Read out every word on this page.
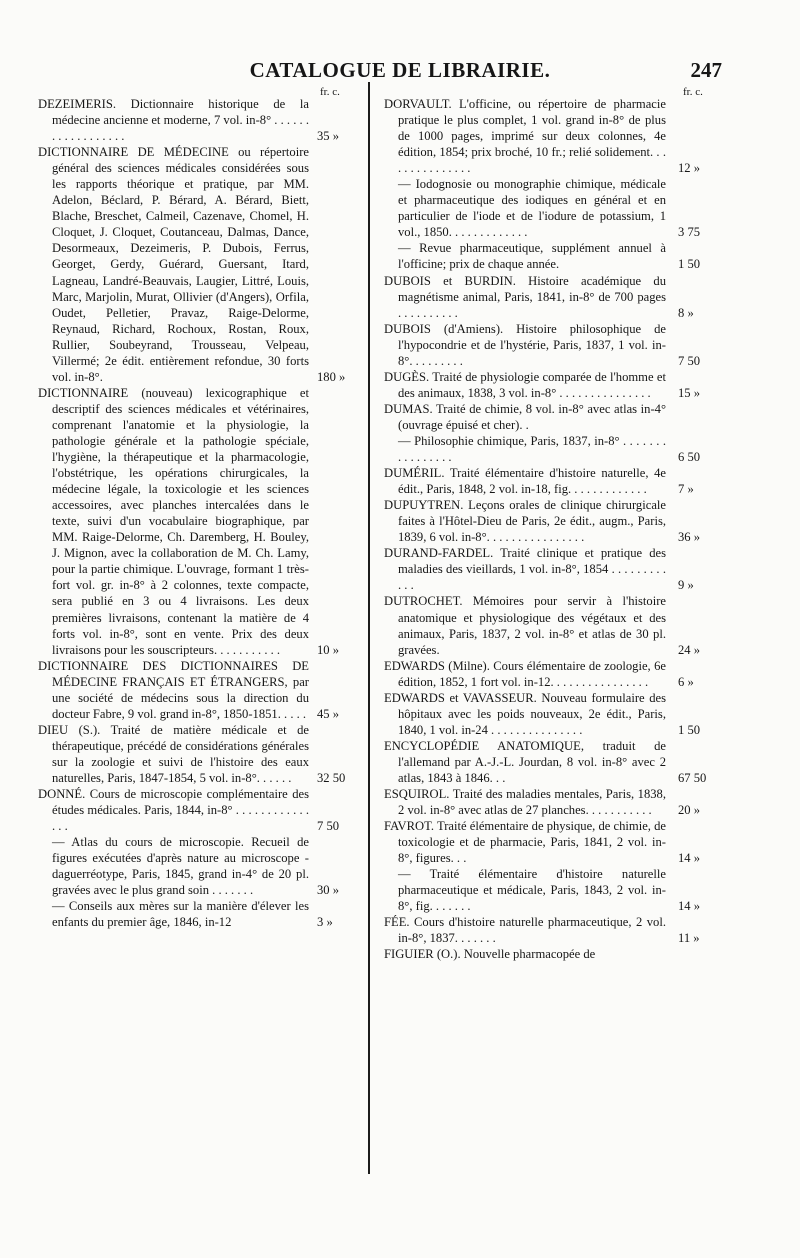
CATALOGUE DE LIBRAIRIE.	247
fr. c.	fr. c.
DEZEIMERIS. Dictionnaire historique de la médecine ancienne et moderne, 7 vol. in-8° . . . . . . . . . . . . . . . . . .	35 »
DICTIONNAIRE DE MÉDECINE ou répertoire général des sciences médicales considérées sous les rapports théorique et pratique, par MM. Adelon, Béclard, P. Bérard, A. Bérard, Biett, Blache, Breschet, Calmeil, Cazenave, Chomel, H. Cloquet, J. Cloquet, Coutanceau, Dalmas, Dance, Desormeaux, Dezeimeris, P. Dubois, Ferrus, Georget, Gerdy, Guérard, Guersant, Itard, Lagneau, Landré-Beauvais, Laugier, Littré, Louis, Marc, Marjolin, Murat, Ollivier (d'Angers), Orfila, Oudet, Pelletier, Pravaz, Raige-Delorme, Reynaud, Richard, Rochoux, Rostan, Roux, Rullier, Soubeyrand, Trousseau, Velpeau, Villermé; 2e édit. entièrement refondue, 30 forts vol. in-8°.	180 »
DICTIONNAIRE (nouveau) lexicographique et descriptif des sciences médicales et vétérinaires, comprenant l'anatomie et la physiologie, la pathologie générale et la pathologie spéciale, l'hygiène, la thérapeutique et la pharmacologie, l'obstétrique, les opérations chirurgicales, la médecine légale, la toxicologie et les sciences accessoires, avec planches intercalées dans le texte, suivi d'un vocabulaire biographique, par MM. Raige-Delorme, Ch. Daremberg, H. Bouley, J. Mignon, avec la collaboration de M. Ch. Lamy, pour la partie chimique. L'ouvrage, formant 1 très-fort vol. gr. in-8° à 2 colonnes, texte compacte, sera publié en 3 ou 4 livraisons. Les deux premières livraisons, contenant la matière de 4 forts vol. in-8°, sont en vente. Prix des deux livraisons pour les souscripteurs. . . . . . . . . . .	10 »
DICTIONNAIRE DES DICTIONNAIRES DE MÉDECINE FRANÇAIS ET ÉTRANGERS, par une société de médecins sous la direction du docteur Fabre, 9 vol. grand in-8°, 1850-1851. . . . . 45 »
DIEU (S.). Traité de matière médicale et de thérapeutique, précédé de considérations générales sur la zoologie et suivi de l'histoire des eaux naturelles, Paris, 1847-1854, 5 vol. in-8°. . . . . .	32 50
DONNÉ. Cours de microscopie complémentaire des études médicales. Paris, 1844, in-8° . . . . . . . . . . . . . . .	7 50
— Atlas du cours de microscopie. Recueil de figures exécutées d'après nature au microscope - daguerréotype, Paris, 1845, grand in-4° de 20 pl. gravées avec le plus grand soin . . . . . . .	30 »
— Conseils aux mères sur la manière d'élever les enfants du premier âge, 1846, in-12	3 »
DORVAULT. L'officine, ou répertoire de pharmacie pratique le plus complet, 1 vol. grand in-8° de plus de 1000 pages, imprimé sur deux colonnes, 4e édition, 1854; prix broché, 10 fr.; relié solidement. . . . . . . . . . . . . . .	12 »
— Iodognosie ou monographie chimique, médicale et pharmaceutique des iodiques en général et en particulier de l'iode et de l'iodure de potassium, 1 vol., 1850. . . . . . . . . . . . .	3 75
— Revue pharmaceutique, supplément annuel à l'officine; prix de chaque année.	1 50
DUBOIS et BURDIN. Histoire académique du magnétisme animal, Paris, 1841, in-8° de 700 pages . . . . . . . . . .	8 »
DUBOIS (d'Amiens). Histoire philosophique de l'hypocondrie et de l'hystérie, Paris, 1837, 1 vol. in-8°. . . . . . . . .	7 50
DUGÈS. Traité de physiologie comparée de l'homme et des animaux, 1838, 3 vol. in-8° . . . . . . . . . . . . . . .	15 »
DUMAS. Traité de chimie, 8 vol. in-8° avec atlas in-4° (ouvrage épuisé et cher). .
— Philosophie chimique, Paris, 1837, in-8° . . . . . . . . . . . . . . . .	6 50
DUMÉRIL. Traité élémentaire d'histoire naturelle, 4e édit., Paris, 1848, 2 vol. in-18, fig. . . . . . . . . . . . .	7 »
DUPUYTREN. Leçons orales de clinique chirurgicale faites à l'Hôtel-Dieu de Paris, 2e édit., augm., Paris, 1839, 6 vol. in-8°. . . . . . . . . . . . . . . .	36 »
DURAND-FARDEL. Traité clinique et pratique des maladies des vieillards, 1 vol. in-8°, 1854 . . . . . . . . . . . .	9 »
DUTROCHET. Mémoires pour servir à l'histoire anatomique et physiologique des végétaux et des animaux, Paris, 1837, 2 vol. in-8° et atlas de 30 pl. gravées.	24 »
EDWARDS (Milne). Cours élémentaire de zoologie, 6e édition, 1852, 1 fort vol. in-12. . . . . . . . . . . . . . . .	6 »
EDWARDS et VAVASSEUR. Nouveau formulaire des hôpitaux avec les poids nouveaux, 2e édit., Paris, 1840, 1 vol. in-24 . . . . . . . . . . . . . . .	1 50
ENCYCLOPÉDIE ANATOMIQUE, traduit de l'allemand par A.-J.-L. Jourdan, 8 vol. in-8° avec 2 atlas, 1843 à 1846. . .	67 50
ESQUIROL. Traité des maladies mentales, Paris, 1838, 2 vol. in-8° avec atlas de 27 planches. . . . . . . . . . .	20 »
FAVROT. Traité élémentaire de physique, de chimie, de toxicologie et de pharmacie, Paris, 1841, 2 vol. in-8°, figures. . .	14 »
— Traité élémentaire d'histoire naturelle pharmaceutique et médicale, Paris, 1843, 2 vol. in-8°, fig. . . . . . .	14 »
FÉE. Cours d'histoire naturelle pharmaceutique, 2 vol. in-8°, 1837. . . . . . .	11 »
FIGUIER (O.). Nouvelle pharmacopée de
